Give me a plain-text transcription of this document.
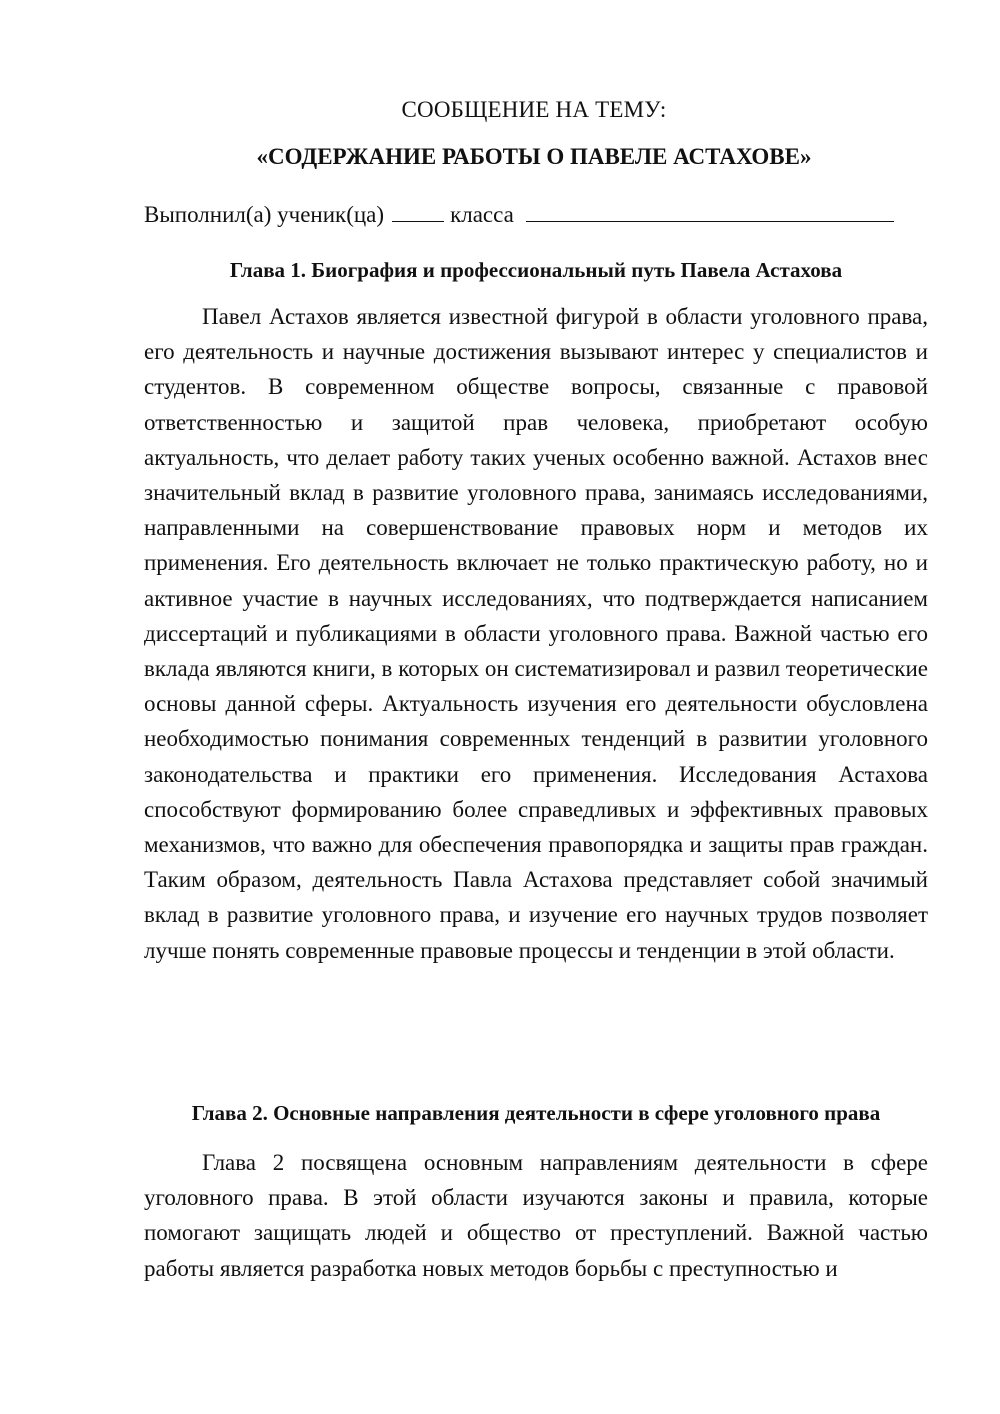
СООБЩЕНИЕ НА ТЕМУ:
«СОДЕРЖАНИЕ РАБОТЫ О ПАВЕЛЕ АСТАХОВЕ»
Выполнил(а) ученик(ца)	класса
Глава 1. Биография и профессиональный путь Павела Астахова

Павел Астахов является известной фигурой в области уголовного права, его деятельность и научные достижения вызывают интерес у специалистов и студентов. В современном обществе вопросы, связанные с правовой ответственностью и защитой прав человека, приобретают особую актуальность, что делает работу таких ученых особенно важной. Астахов внес значительный вклад в развитие уголовного права, занимаясь исследованиями, направленными на совершенствование правовых норм и методов их применения. Его деятельность включает не только практическую работу, но и активное участие в научных исследованиях, что подтверждается написанием диссертаций и публикациями в области уголовного права. Важной частью его вклада являются книги, в которых он систематизировал и развил теоретические основы данной сферы. Актуальность изучения его деятельности обусловлена необходимостью понимания современных тенденций в развитии уголовного законодательства и практики его применения. Исследования Астахова способствуют формированию более справедливых и эффективных правовых механизмов, что важно для обеспечения правопорядка и защиты прав граждан. Таким образом, деятельность Павла Астахова представляет собой значимый вклад в развитие уголовного права, и изучение его научных трудов позволяет лучше понять современные правовые процессы и тенденции в этой области.

Глава 2. Основные направления деятельности в сфере уголовного права

Глава 2 посвящена основным направлениям деятельности в сфере уголовного права. В этой области изучаются законы и правила, которые помогают защищать людей и общество от преступлений. Важной частью работы является разработка новых методов борьбы с преступностью и
